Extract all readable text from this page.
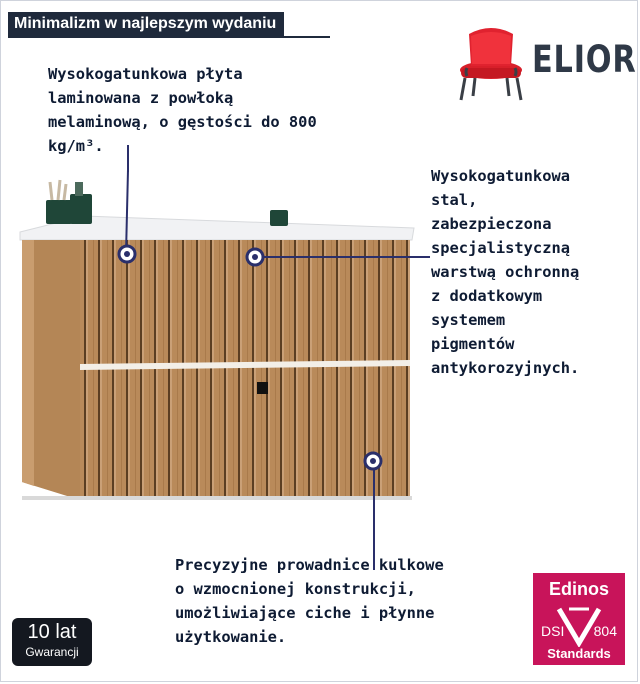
Minimalizm w najlepszym wydaniu
ELIOR
Wysokogatunkowa płyta
laminowana z powłoką
melaminową, o gęstości do 800
kg/m³.
Wysokogatunkowa
stal,
zabezpieczona
specjalistyczną
warstwą ochronną
z dodatkowym
systemem
pigmentów
antykorozyjnych.
Precyzyjne prowadnice kulkowe
o wzmocnionej konstrukcji,
umożliwiające ciche i płynne
użytkowanie.
10 lat
Gwarancji
Edinos
DSI 804
Standards
